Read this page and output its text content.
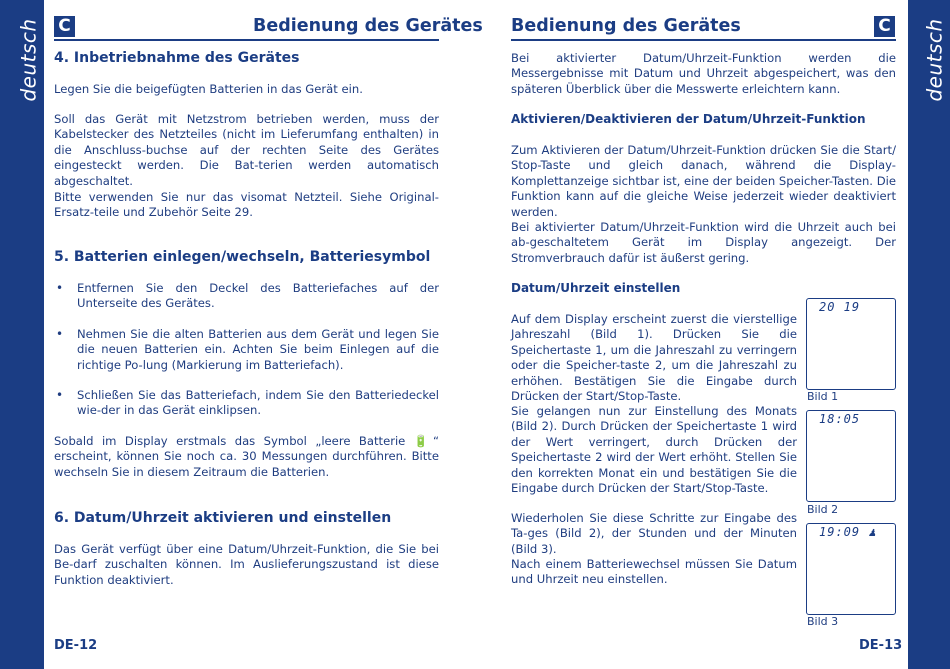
deutsch C	Bedienung des Gerätes
4. Inbetriebnahme des Gerätes
Legen Sie die beigefügten Batterien in das Gerät ein.
Soll das Gerät mit Netzstrom betrieben werden, muss der Kabelstecker des Netzteiles (nicht im Lieferumfang enthalten) in die Anschluss-buchse auf der rechten Seite des Gerätes eingesteckt werden. Die Bat-terien werden automatisch abgeschaltet.
Bitte verwenden Sie nur das visomat Netzteil. Siehe Original-Ersatz-teile und Zubehör Seite 29.
5. Batterien einlegen/wechseln, Batteriesymbol
• Entfernen Sie den Deckel des Batteriefaches auf der Unterseite des Gerätes.
• Nehmen Sie die alten Batterien aus dem Gerät und legen Sie die neuen Batterien ein. Achten Sie beim Einlegen auf die richtige Po-lung (Markierung im Batteriefach).
• Schließen Sie das Batteriefach, indem Sie den Batteriedeckel wie-der in das Gerät einklipsen.
Sobald im Display erstmals das Symbol „leere Batterie 🔋“ erscheint, können Sie noch ca. 30 Messungen durchführen. Bitte wechseln Sie in diesem Zeitraum die Batterien.
6. Datum/Uhrzeit aktivieren und einstellen
Das Gerät verfügt über eine Datum/Uhrzeit-Funktion, die Sie bei Be-darf zuschalten können. Im Auslieferungszustand ist diese Funktion deaktiviert.
DE-12
Bedienung des Gerätes	C deutsch
Bei aktivierter Datum/Uhrzeit-Funktion werden die Messergebnisse mit Datum und Uhrzeit abgespeichert, was den späteren Überblick über die Messwerte erleichtern kann.
Aktivieren/Deaktivieren der Datum/Uhrzeit-Funktion
Zum Aktivieren der Datum/Uhrzeit-Funktion drücken Sie die Start/ Stop-Taste und gleich danach, während die Display-Komplettanzeige sichtbar ist, eine der beiden Speicher-Tasten. Die Funktion kann auf die gleiche Weise jederzeit wieder deaktiviert werden.
Bei aktivierter Datum/Uhrzeit-Funktion wird die Uhrzeit auch bei ab-geschaltetem Gerät im Display angezeigt. Der Stromverbrauch dafür ist äußerst gering.
Datum/Uhrzeit einstellen
Auf dem Display erscheint zuerst die vierstellige Jahreszahl (Bild 1). Drücken Sie die Speichertaste 1, um die Jahreszahl zu verringern oder die Speicher-taste 2, um die Jahreszahl zu erhöhen. Bestätigen Sie die Eingabe durch Drücken der Start/Stop-Taste.
Sie gelangen nun zur Einstellung des Monats (Bild 2). Durch Drücken der Speichertaste 1 wird der Wert verringert, durch Drücken der Speichertaste 2 wird der Wert erhöht. Stellen Sie den korrekten Monat ein und bestätigen Sie die Eingabe durch Drücken der Start/Stop-Taste.
Wiederholen Sie diese Schritte zur Eingabe des Ta-ges (Bild 2), der Stunden und der Minuten (Bild 3).
Nach einem Batteriewechsel müssen Sie Datum und Uhrzeit neu einstellen.
20 19
Bild 1
18:05
Bild 2
19:09 ♟
Bild 3
DE-13
